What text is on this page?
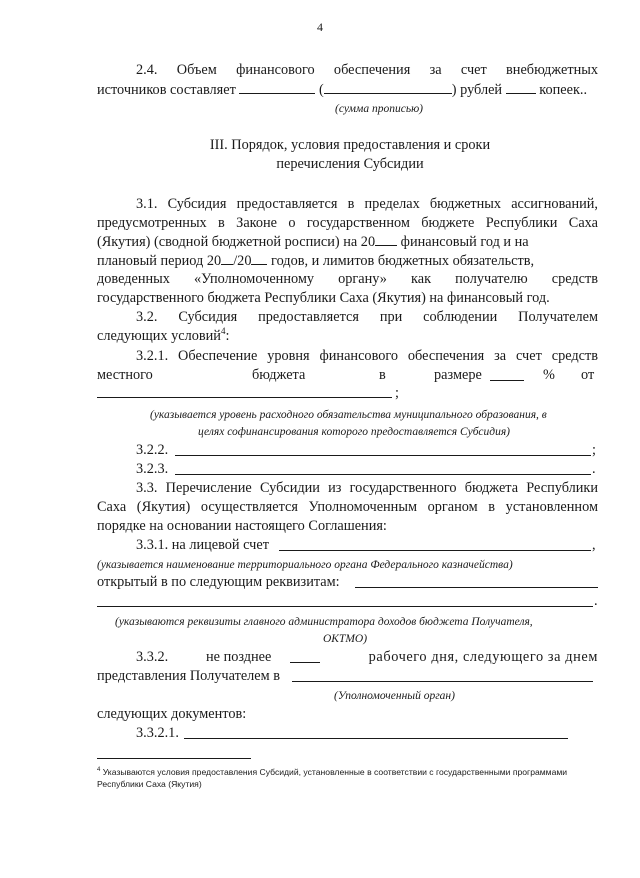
4
2.4. Объем финансового обеспечения за счет внебюджетных
источников составляет	(	) рублей	копеек..
(сумма прописью)
III. Порядок, условия предоставления и сроки
перечисления Субсидии
3.1. Субсидия предоставляется в пределах бюджетных ассигнований,
предусмотренных в Законе о государственном бюджете Республики Саха
(Якутия) (сводной бюджетной росписи) на 20 финансовый год и на
плановый период 20 /20 годов, и лимитов бюджетных обязательств,
доведенных «Уполномоченному органу» как получателю средств
государственного бюджета Республики Саха (Якутия) на финансовый год.
3.2. Субсидия предоставляется при соблюдении Получателем
следующих условий$^4$:
3.2.1. Обеспечение уровня финансового обеспечения за счет средств
местного	бюджета	в	размере	% от
;
(указывается уровень расходного обязательства муниципального образования, в
целях софинансирования которого предоставляется Субсидия)
3.2.2.	;
3.2.3.	.
3.3. Перечисление Субсидии из государственного бюджета Республики
Саха (Якутия) осуществляется Уполномоченным органом в установленном
порядке на основании настоящего Соглашения:
3.3.1. на лицевой счет	,
(указывается наименование территориального органа Федерального казначейства)
открытый в по следующим реквизитам:
.
(указываются реквизиты главного администратора доходов бюджета Получателя,
ОКТМО)
3.3.2.	не позднее	рабочего дня, следующего за днем
представления Получателем в
(Уполномоченный орган)
следующих документов:
3.3.2.1.
$^4$ Указываются условия предоставления Субсидий, установленные в соответствии с государственными программами
Республики Саха (Якутия)
